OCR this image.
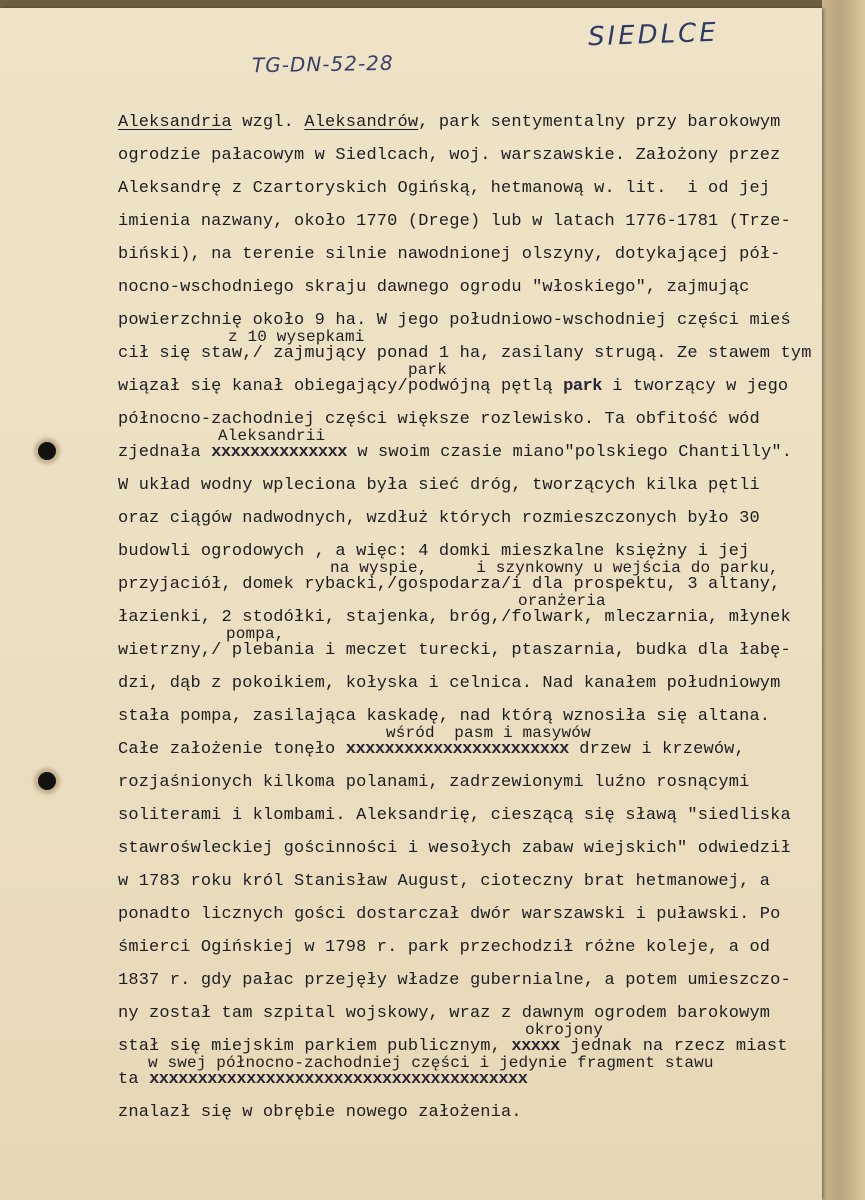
SIEDLCE
TG-DN-52-28
Aleksandria wzgl. Aleksandrów, park sentymentalny przy barokowym
ogrodzie pałacowym w Siedlcach, woj. warszawskie. Założony przez
Aleksandrę z Czartoryskich Ogińską, hetmanową w. lit.  i od jej
imienia nazwany, około 1770 (Drege) lub w latach 1776-1781 (Trze-
biński), na terenie silnie nawodnionej olszyny, dotykającej pół-
nocno-wschodniego skraju dawnego ogrodu "włoskiego", zajmując
powierzchnię około 9 ha. W jego południowo-wschodniej części mieś
z 10 wysepkami
cił się staw,/ zajmujący ponad 1 ha, zasilany strugą. Ze stawem tym
park
wiązał się kanał obiegający/podwójną pętlą park i tworzący w jego
północno-zachodniej części większe rozlewisko. Ta obfitość wód
Aleksandrii
zjednała xxxxxxxxxxxxxx w swoim czasie miano"polskiego Chantilly".
W układ wodny wpleciona była sieć dróg, tworzących kilka pętli
oraz ciągów nadwodnych, wzdłuż których rozmieszczonych było 30
budowli ogrodowych , a więc: 4 domki mieszkalne księżny i jej
na wyspie,     i szynkowny u wejścia do parku,
przyjaciół, domek rybacki,/gospodarza/i dla prospektu, 3 altany,
oranżeria
łazienki, 2 stodółki, stajenka, bróg,/folwark, mleczarnia, młynek
pompa,
wietrzny,/ plebania i meczet turecki, ptaszarnia, budka dla łabę-
dzi, dąb z pokoikiem, kołyska i celnica. Nad kanałem południowym
stała pompa, zasilająca kaskadę, nad którą wznosiła się altana.
wśród  pasm i masywów
Całe założenie tonęło xxxxxxxxxxxxxxxxxxxxxxx drzew i krzewów,
rozjaśnionych kilkoma polanami, zadrzewionymi luźno rosnącymi
soliterami i klombami. Aleksandrię, cieszącą się sławą "siedliska
stawrośwleckiej gościnności i wesołych zabaw wiejskich" odwiedził
w 1783 roku król Stanisław August, cioteczny brat hetmanowej, a
ponadto licznych gości dostarczał dwór warszawski i puławski. Po
śmierci Ogińskiej w 1798 r. park przechodził różne koleje, a od
1837 r. gdy pałac przejęły władze gubernialne, a potem umieszczo-
ny został tam szpital wojskowy, wraz z dawnym ogrodem barokowym
okrojony
stał się miejskim parkiem publicznym, xxxxx jednak na rzecz miast
w swej północno-zachodniej części i jedynie fragment stawu
ta xxxxxxxxxxxxxxxxxxxxxxxxxxxxxxxxxxxxxxx
znalazł się w obrębie nowego założenia.
